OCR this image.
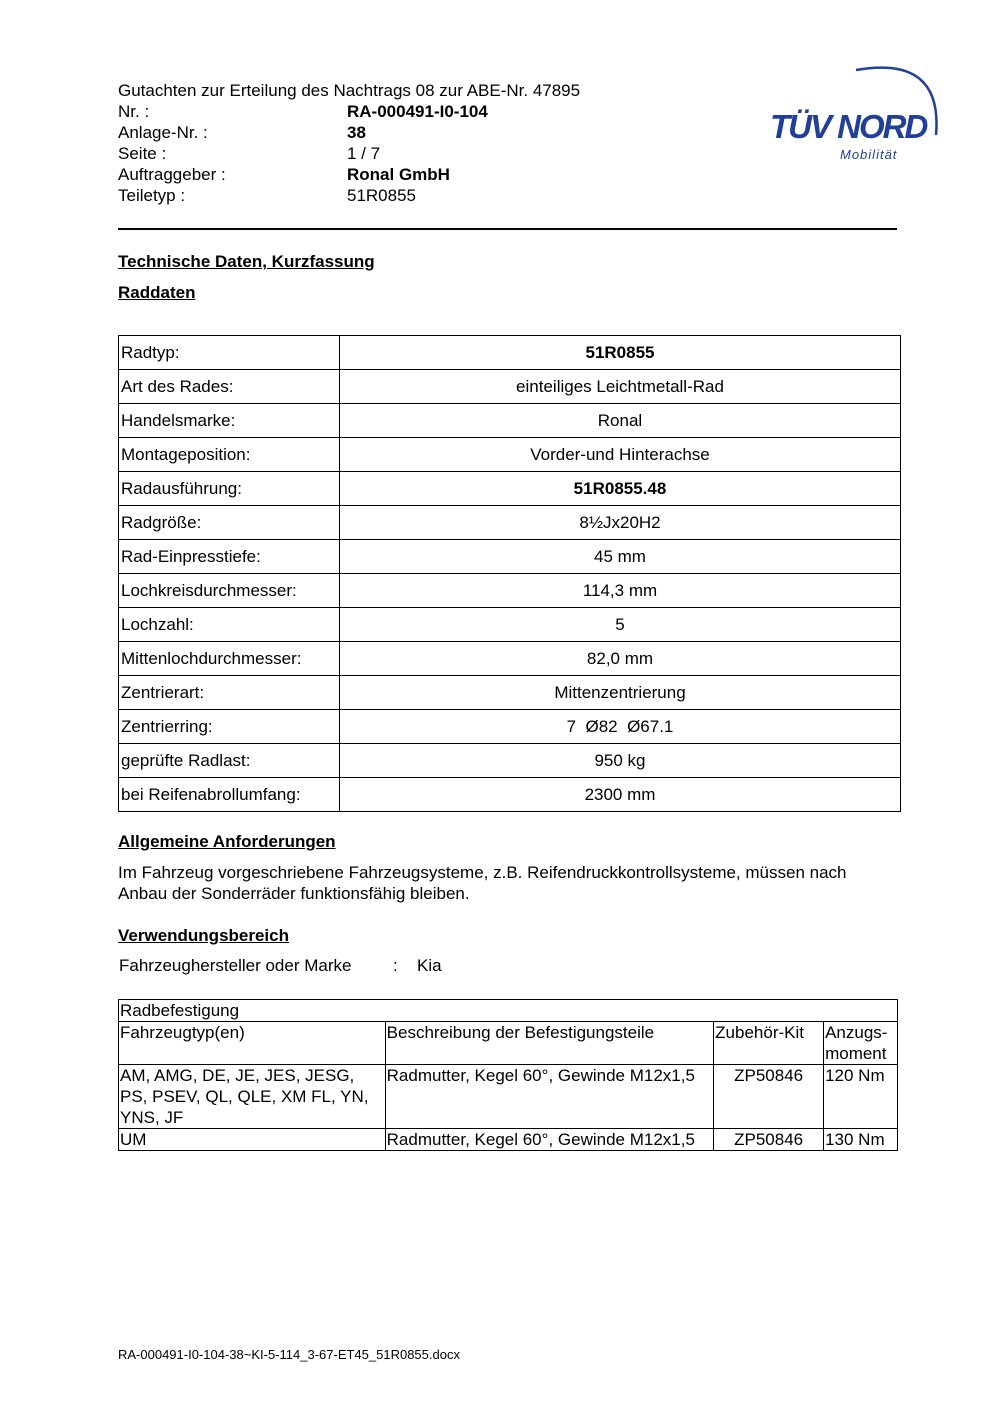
Gutachten zur Erteilung des Nachtrags 08 zur ABE-Nr. 47895
Nr. :	RA-000491-I0-104
Anlage-Nr. :	38
Seite :	1 / 7
Auftraggeber :	Ronal GmbH
Teiletyp :	51R0855
TÜV NORD
Mobilität
Technische Daten, Kurzfassung
Raddaten
Radtyp:	51R0855
Art des Rades:	einteiliges Leichtmetall-Rad
Handelsmarke:	Ronal
Montageposition:	Vorder-und Hinterachse
Radausführung:	51R0855.48
Radgröße:	8½Jx20H2
Rad-Einpresstiefe:	45 mm
Lochkreisdurchmesser:	114,3 mm
Lochzahl:	5
Mittenlochdurchmesser:	82,0 mm
Zentrierart:	Mittenzentrierung
Zentrierring:	7  Ø82  Ø67.1
geprüfte Radlast:	950 kg
bei Reifenabrollumfang:	2300 mm
Allgemeine Anforderungen
Im Fahrzeug vorgeschriebene Fahrzeugsysteme, z.B. Reifendruckkontrollsysteme, müssen nach Anbau der Sonderräder funktionsfähig bleiben.
Verwendungsbereich
Fahrzeughersteller oder Marke : Kia
Radbefestigung			
Fahrzeugtyp(en)	Beschreibung der Befestigungsteile	Zubehör-Kit	Anzugs-moment
AM, AMG, DE, JE, JES, JESG, PS, PSEV, QL, QLE, XM FL, YN, YNS, JF	Radmutter, Kegel 60°, Gewinde M12x1,5	ZP50846	120 Nm
UM	Radmutter, Kegel 60°, Gewinde M12x1,5	ZP50846	130 Nm
RA-000491-I0-104-38~KI-5-114_3-67-ET45_51R0855.docx
